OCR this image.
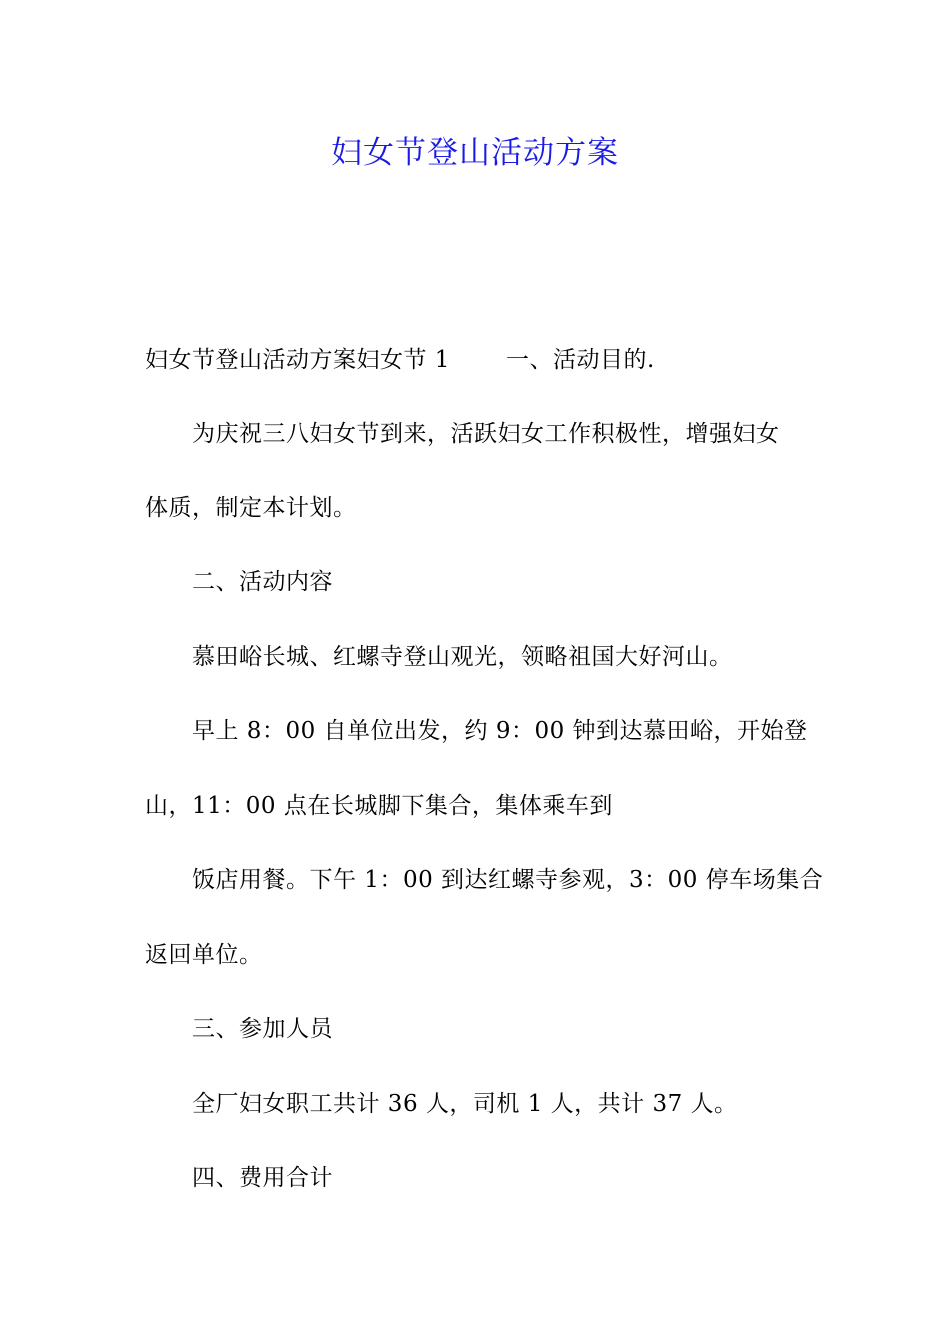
妇女节登山活动方案
妇女节登山活动方案妇女节 1 一、活动目的.
为庆祝三八妇女节到来，活跃妇女工作积极性，增强妇女
体质，制定本计划。
二、活动内容
慕田峪长城、红螺寺登山观光，领略祖国大好河山。
早上 8：00 自单位出发，约 9：00 钟到达慕田峪，开始登
山，11：00 点在长城脚下集合，集体乘车到
饭店用餐。下午 1：00 到达红螺寺参观，3：00 停车场集合
返回单位。
三、参加人员
全厂妇女职工共计 36 人，司机 1 人，共计 37 人。
四、费用合计
